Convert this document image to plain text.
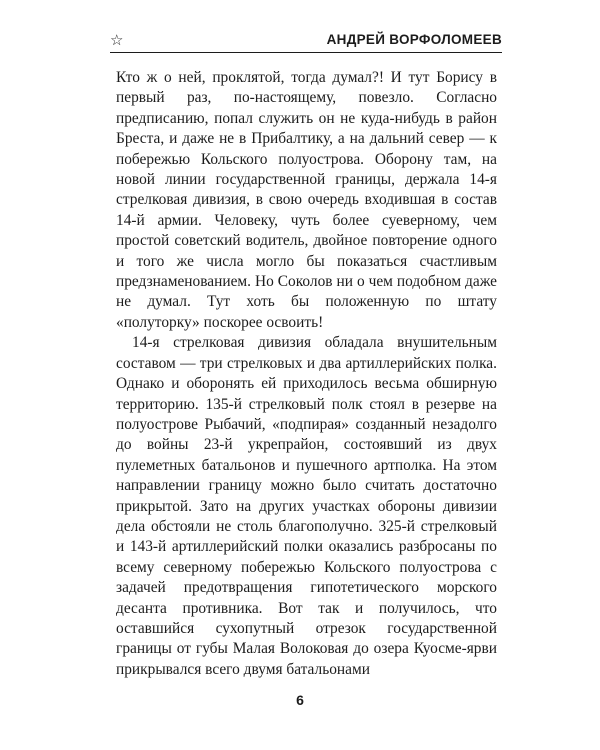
☆	АНДРЕЙ ВОРФОЛОМЕЕВ

Кто ж о ней, проклятой, тогда думал?! И тут Борису в первый раз, по-настоящему, повезло. Согласно предписанию, попал служить он не куда-нибудь в район Бреста, и даже не в Прибалтику, а на дальний север — к побережью Кольского полуострова. Оборону там, на новой линии государственной границы, держала 14-я стрелковая дивизия, в свою очередь входившая в состав 14-й армии. Человеку, чуть более суеверному, чем простой советский водитель, двойное повторение одного и того же числа могло бы показаться счастливым предзнаменованием. Но Соколов ни о чем подобном даже не думал. Тут хоть бы положенную по штату «полуторку» поскорее освоить!

14-я стрелковая дивизия обладала внушительным составом — три стрелковых и два артиллерийских полка. Однако и оборонять ей приходилось весьма обширную территорию. 135-й стрелковый полк стоял в резерве на полуострове Рыбачий, «подпирая» созданный незадолго до войны 23-й укрепрайон, состоявший из двух пулеметных батальонов и пушечного артполка. На этом направлении границу можно было считать достаточно прикрытой. Зато на других участках обороны дивизии дела обстояли не столь благополучно. 325-й стрелковый и 143-й артиллерийский полки оказались разбросаны по всему северному побережью Кольского полуострова с задачей предотвращения гипотетического морского десанта противника. Вот так и получилось, что оставшийся сухопутный отрезок государственной границы от губы Малая Волоковая до озера Куосме-ярви прикрывался всего двумя батальонами

6
